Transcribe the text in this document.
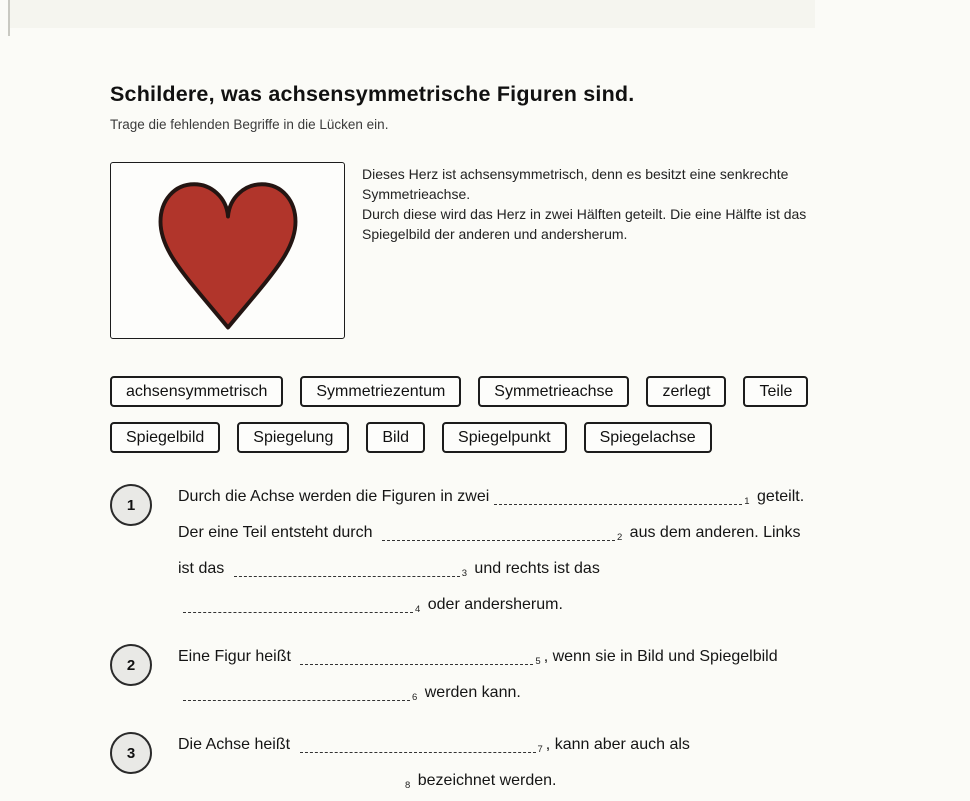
Schildere, was achsensymmetrische Figuren sind.

Trage die fehlenden Begriffe in die Lücken ein.

Dieses Herz ist achsensymmetrisch, denn es besitzt eine senkrechte
Symmetrieachse.
Durch diese wird das Herz in zwei Hälften geteilt. Die eine Hälfte ist das
Spiegelbild der anderen und andersherum.
achsensymmetrisch	Symmetriezentum	Symmetrieachse	zerlegt	Teile
Spiegelbild	Spiegelung	Bild	Spiegelpunkt	Spiegelachse
1	Durch die Achse werden die Figuren in zwei	$_1$ geteilt.
Der eine Teil entsteht durch	$_2$ aus dem anderen. Links
ist das	$_3$ und rechts ist das
$_4$ oder andersherum.
2	Eine Figur heißt	$_5$ , wenn sie in Bild und Spiegelbild
$_6$ werden kann.
3	Die Achse heißt	$_7$ , kann aber auch als
$_8$ bezeichnet werden.
